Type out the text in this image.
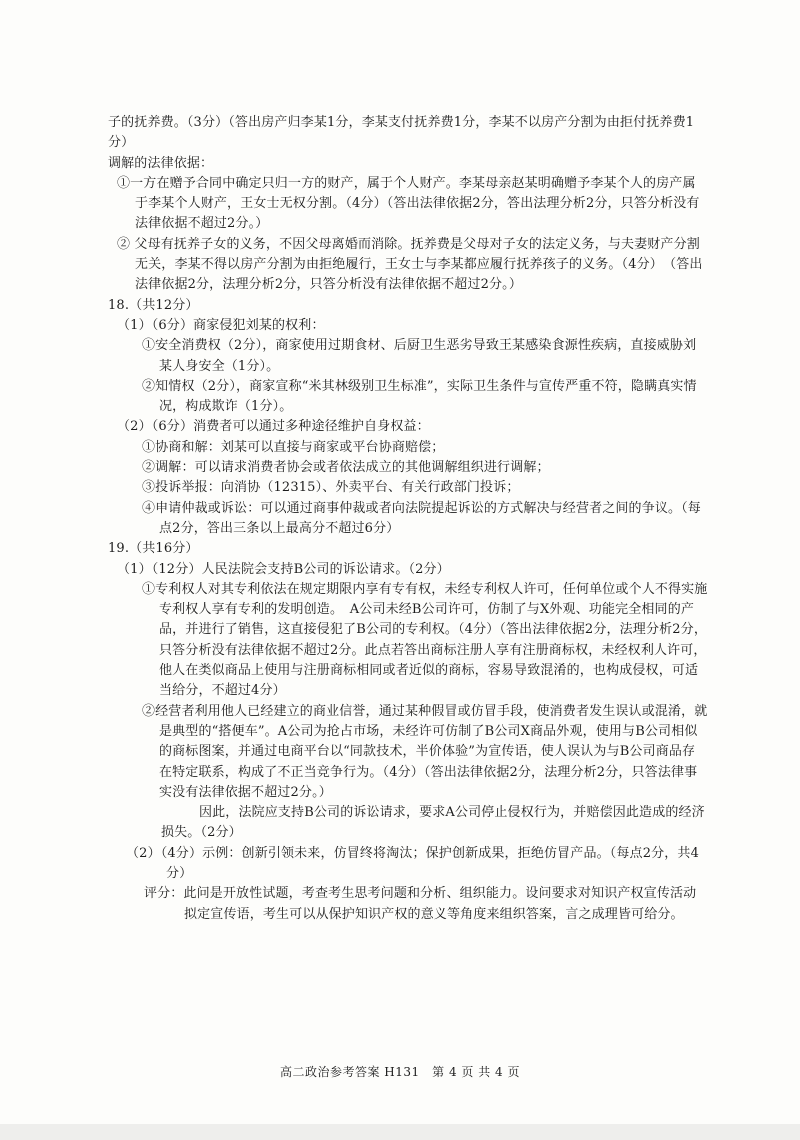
子的抚养费。（3分）（答出房产归李某1分，李某支付抚养费1分，李某不以房产分割为由拒付抚养费1分）

调解的法律依据：

①一方在赠予合同中确定只归一方的财产，属于个人财产。李某母亲赵某明确赠予李某个人的房产属于李某个人财产，王女士无权分割。（4分）（答出法律依据2分，答出法理分析2分，只答分析没有法律依据不超过2分。）

② 父母有抚养子女的义务，不因父母离婚而消除。抚养费是父母对子女的法定义务，与夫妻财产分割无关，李某不得以房产分割为由拒绝履行，王女士与李某都应履行抚养孩子的义务。（4分）　（答出法律依据2分，法理分析2分，只答分析没有法律依据不超过2分。）

18.（共12分）

（1）（6分）商家侵犯刘某的权利：

①安全消费权（2分），商家使用过期食材、后厨卫生恶劣导致王某感染食源性疾病，直接威胁刘某人身安全（1分）。

②知情权（2分），商家宣称“米其林级别卫生标准”，实际卫生条件与宣传严重不符，隐瞒真实情况，构成欺诈（1分）。

（2）（6分）消费者可以通过多种途径维护自身权益：

①协商和解：刘某可以直接与商家或平台协商赔偿；

②调解：可以请求消费者协会或者依法成立的其他调解组织进行调解；

③投诉举报：向消协（12315）、外卖平台、有关行政部门投诉；

④申请仲裁或诉讼：可以通过商事仲裁或者向法院提起诉讼的方式解决与经营者之间的争议。（每点2分，答出三条以上最高分不超过6分）

19.（共16分）

（1）（12分）人民法院会支持B公司的诉讼请求。（2分）

①专利权人对其专利依法在规定期限内享有专有权，未经专利权人许可，任何单位或个人不得实施专利权人享有专利的发明创造。　A公司未经B公司许可，仿制了与X外观、功能完全相同的产品，并进行了销售，这直接侵犯了B公司的专利权。（4分）（答出法律依据2分，法理分析2分，只答分析没有法律依据不超过2分。此点若答出商标注册人享有注册商标权，未经权利人许可，他人在类似商品上使用与注册商标相同或者近似的商标，容易导致混淆的，也构成侵权，可适当给分，不超过4分）

②经营者利用他人已经建立的商业信誉，通过某种假冒或仿冒手段，使消费者发生误认或混淆，就是典型的“搭便车”。A公司为抢占市场，未经许可仿制了B公司X商品外观，使用与B公司相似的商标图案，并通过电商平台以“同款技术，半价体验”为宣传语，使人误认为与B公司商品存在特定联系，构成了不正当竞争行为。（4分）（答出法律依据2分，法理分析2分，只答法律事实没有法律依据不超过2分。）

因此，法院应支持B公司的诉讼请求，要求A公司停止侵权行为，并赔偿因此造成的经济损失。（2分）

（2）（4分）示例：创新引领未来，仿冒终将淘汰；保护创新成果，拒绝仿冒产品。（每点2分，共4分）

评分：此问是开放性试题，考查考生思考问题和分析、组织能力。设问要求对知识产权宣传活动拟定宣传语，考生可以从保护知识产权的意义等角度来组织答案，言之成理皆可给分。

高二政治参考答案 H131　第 4 页 共 4 页
